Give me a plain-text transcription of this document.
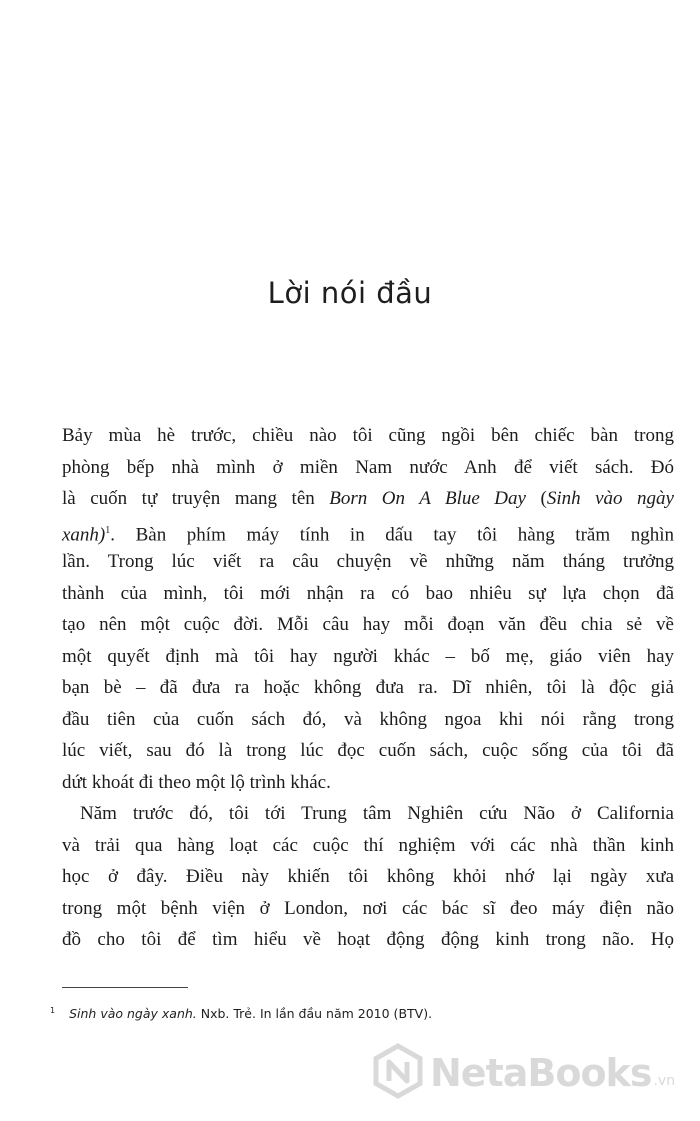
Lời nói đầu
Bảy mùa hè trước, chiều nào tôi cũng ngồi bên chiếc bàn trong
phòng bếp nhà mình ở miền Nam nước Anh để viết sách. Đó
là cuốn tự truyện mang tên Born On A Blue Day (Sinh vào ngày
xanh)$^1$. Bàn phím máy tính in dấu tay tôi hàng trăm nghìn
lần. Trong lúc viết ra câu chuyện về những năm tháng trưởng
thành của mình, tôi mới nhận ra có bao nhiêu sự lựa chọn đã
tạo nên một cuộc đời. Mỗi câu hay mỗi đoạn văn đều chia sẻ về
một quyết định mà tôi hay người khác – bố mẹ, giáo viên hay
bạn bè – đã đưa ra hoặc không đưa ra. Dĩ nhiên, tôi là độc giả
đầu tiên của cuốn sách đó, và không ngoa khi nói rằng trong
lúc viết, sau đó là trong lúc đọc cuốn sách, cuộc sống của tôi đã
dứt khoát đi theo một lộ trình khác.
Năm trước đó, tôi tới Trung tâm Nghiên cứu Não ở California
và trải qua hàng loạt các cuộc thí nghiệm với các nhà thần kinh
học ở đây. Điều này khiến tôi không khỏi nhớ lại ngày xưa
trong một bệnh viện ở London, nơi các bác sĩ đeo máy điện não
đồ cho tôi để tìm hiểu về hoạt động động kinh trong não. Họ
$^1$ Sinh vào ngày xanh. Nxb. Trẻ. In lần đầu năm 2010 (BTV).
NetaBooks .vn
